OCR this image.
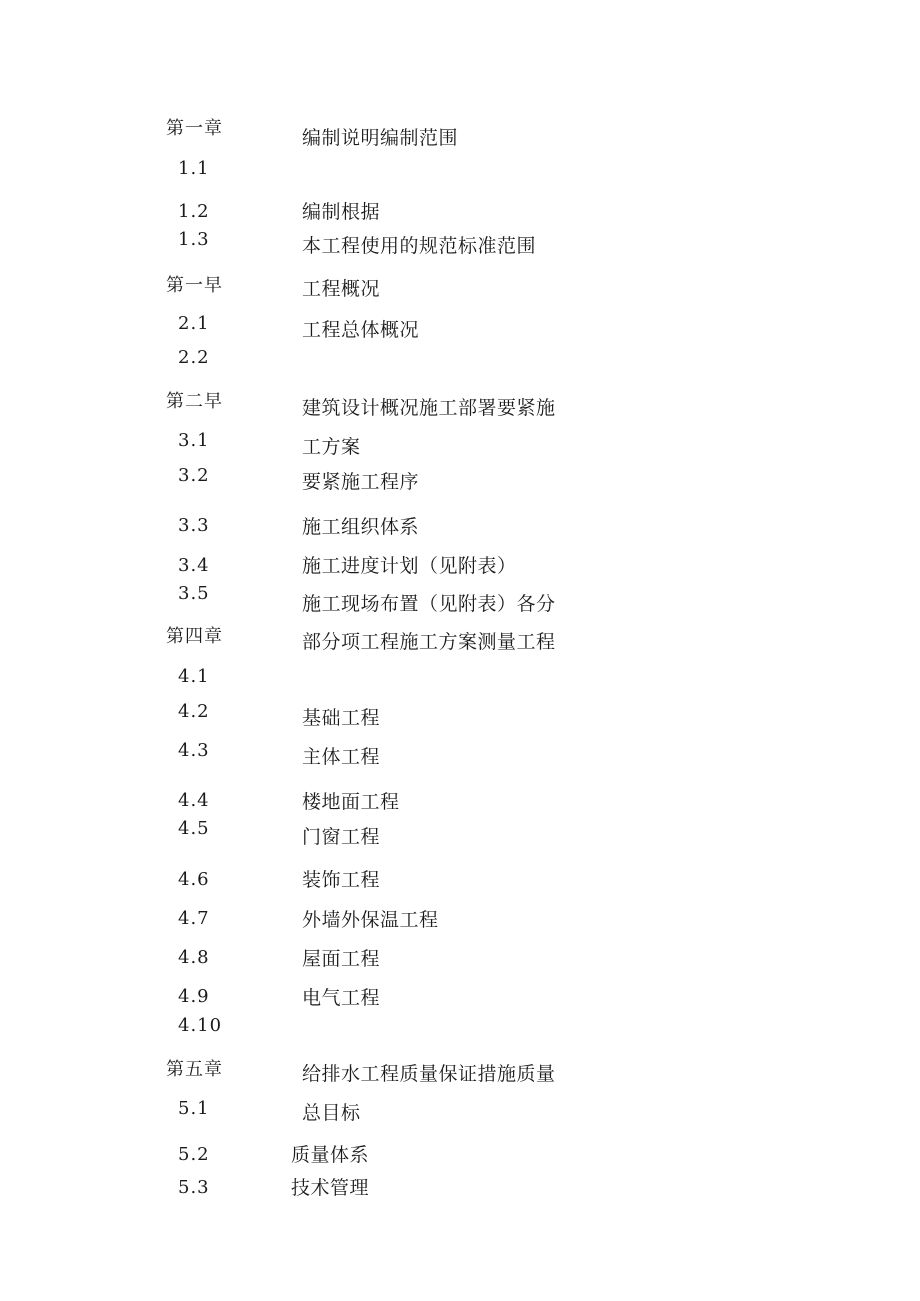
第一章
1.1
1.2
1.3
第一早
2.1
2.2
第二早
3.1
3.2
3.3
3.4
3.5
第四章
4.1
4.2
4.3
4.4
4.5
4.6
4.7
4.8
4.9
4.10
第五章
5.1
5.2
5.3
编制说明编制范围
编制根据
本工程使用的规范标准范围
工程概况
工程总体概况
建筑设计概况施工部署要紧施
工方案
要紧施工程序
施工组织体系
施工进度计划（见附表）
施工现场布置（见附表）各分
部分项工程施工方案测量工程
基础工程
主体工程
楼地面工程
门窗工程
装饰工程
外墙外保温工程
屋面工程
电气工程
给排水工程质量保证措施质量
总目标
质量体系
技术管理
